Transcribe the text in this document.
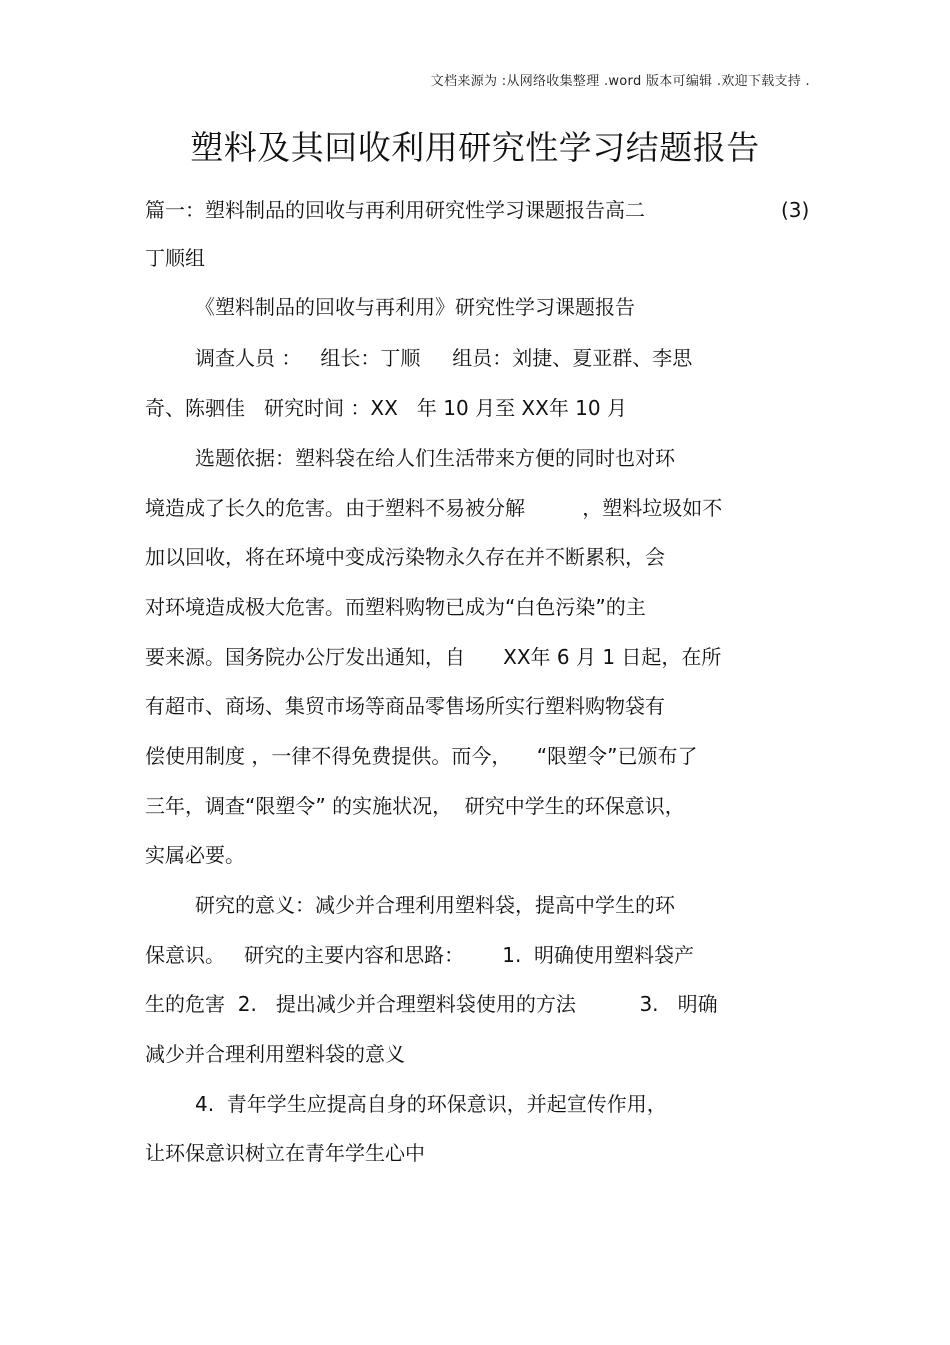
文档来源为 :从网络收集整理 .word 版本可编辑 .欢迎下载支持 .
塑料及其回收利用研究性学习结题报告

篇一：塑料制品的回收与再利用研究性学习课题报告高二	(3)

丁顺组

《塑料制品的回收与再利用》研究性学习课题报告

调查人员 ：   组长：丁顺     组员：刘捷、夏亚群、李思

奇、陈驷佳   研究时间 ：XX   年 10 月至 XX年 10 月

选题依据：塑料袋在给人们生活带来方便的同时也对环

境造成了长久的危害。由于塑料不易被分解         ，塑料垃圾如不

加以回收，将在环境中变成污染物永久存在并不断累积，会

对环境造成极大危害。而塑料购物已成为“白色污染”的主

要来源。国务院办公厅发出通知，自      XX年 6 月 1 日起，在所

有超市、商场、集贸市场等商品零售场所实行塑料购物袋有

偿使用制度 ，一律不得免费提供。而今，    “限塑令”已颁布了

三年，调查“限塑令” 的实施状况，  研究中学生的环保意识，

实属必要。

研究的意义：减少并合理利用塑料袋，提高中学生的环

保意识。   研究的主要内容和思路：      1.  明确使用塑料袋产

生的危害  2.   提出减少并合理塑料袋使用的方法          3.   明确

减少并合理利用塑料袋的意义

4.  青年学生应提高自身的环保意识，并起宣传作用，

让环保意识树立在青年学生心中
